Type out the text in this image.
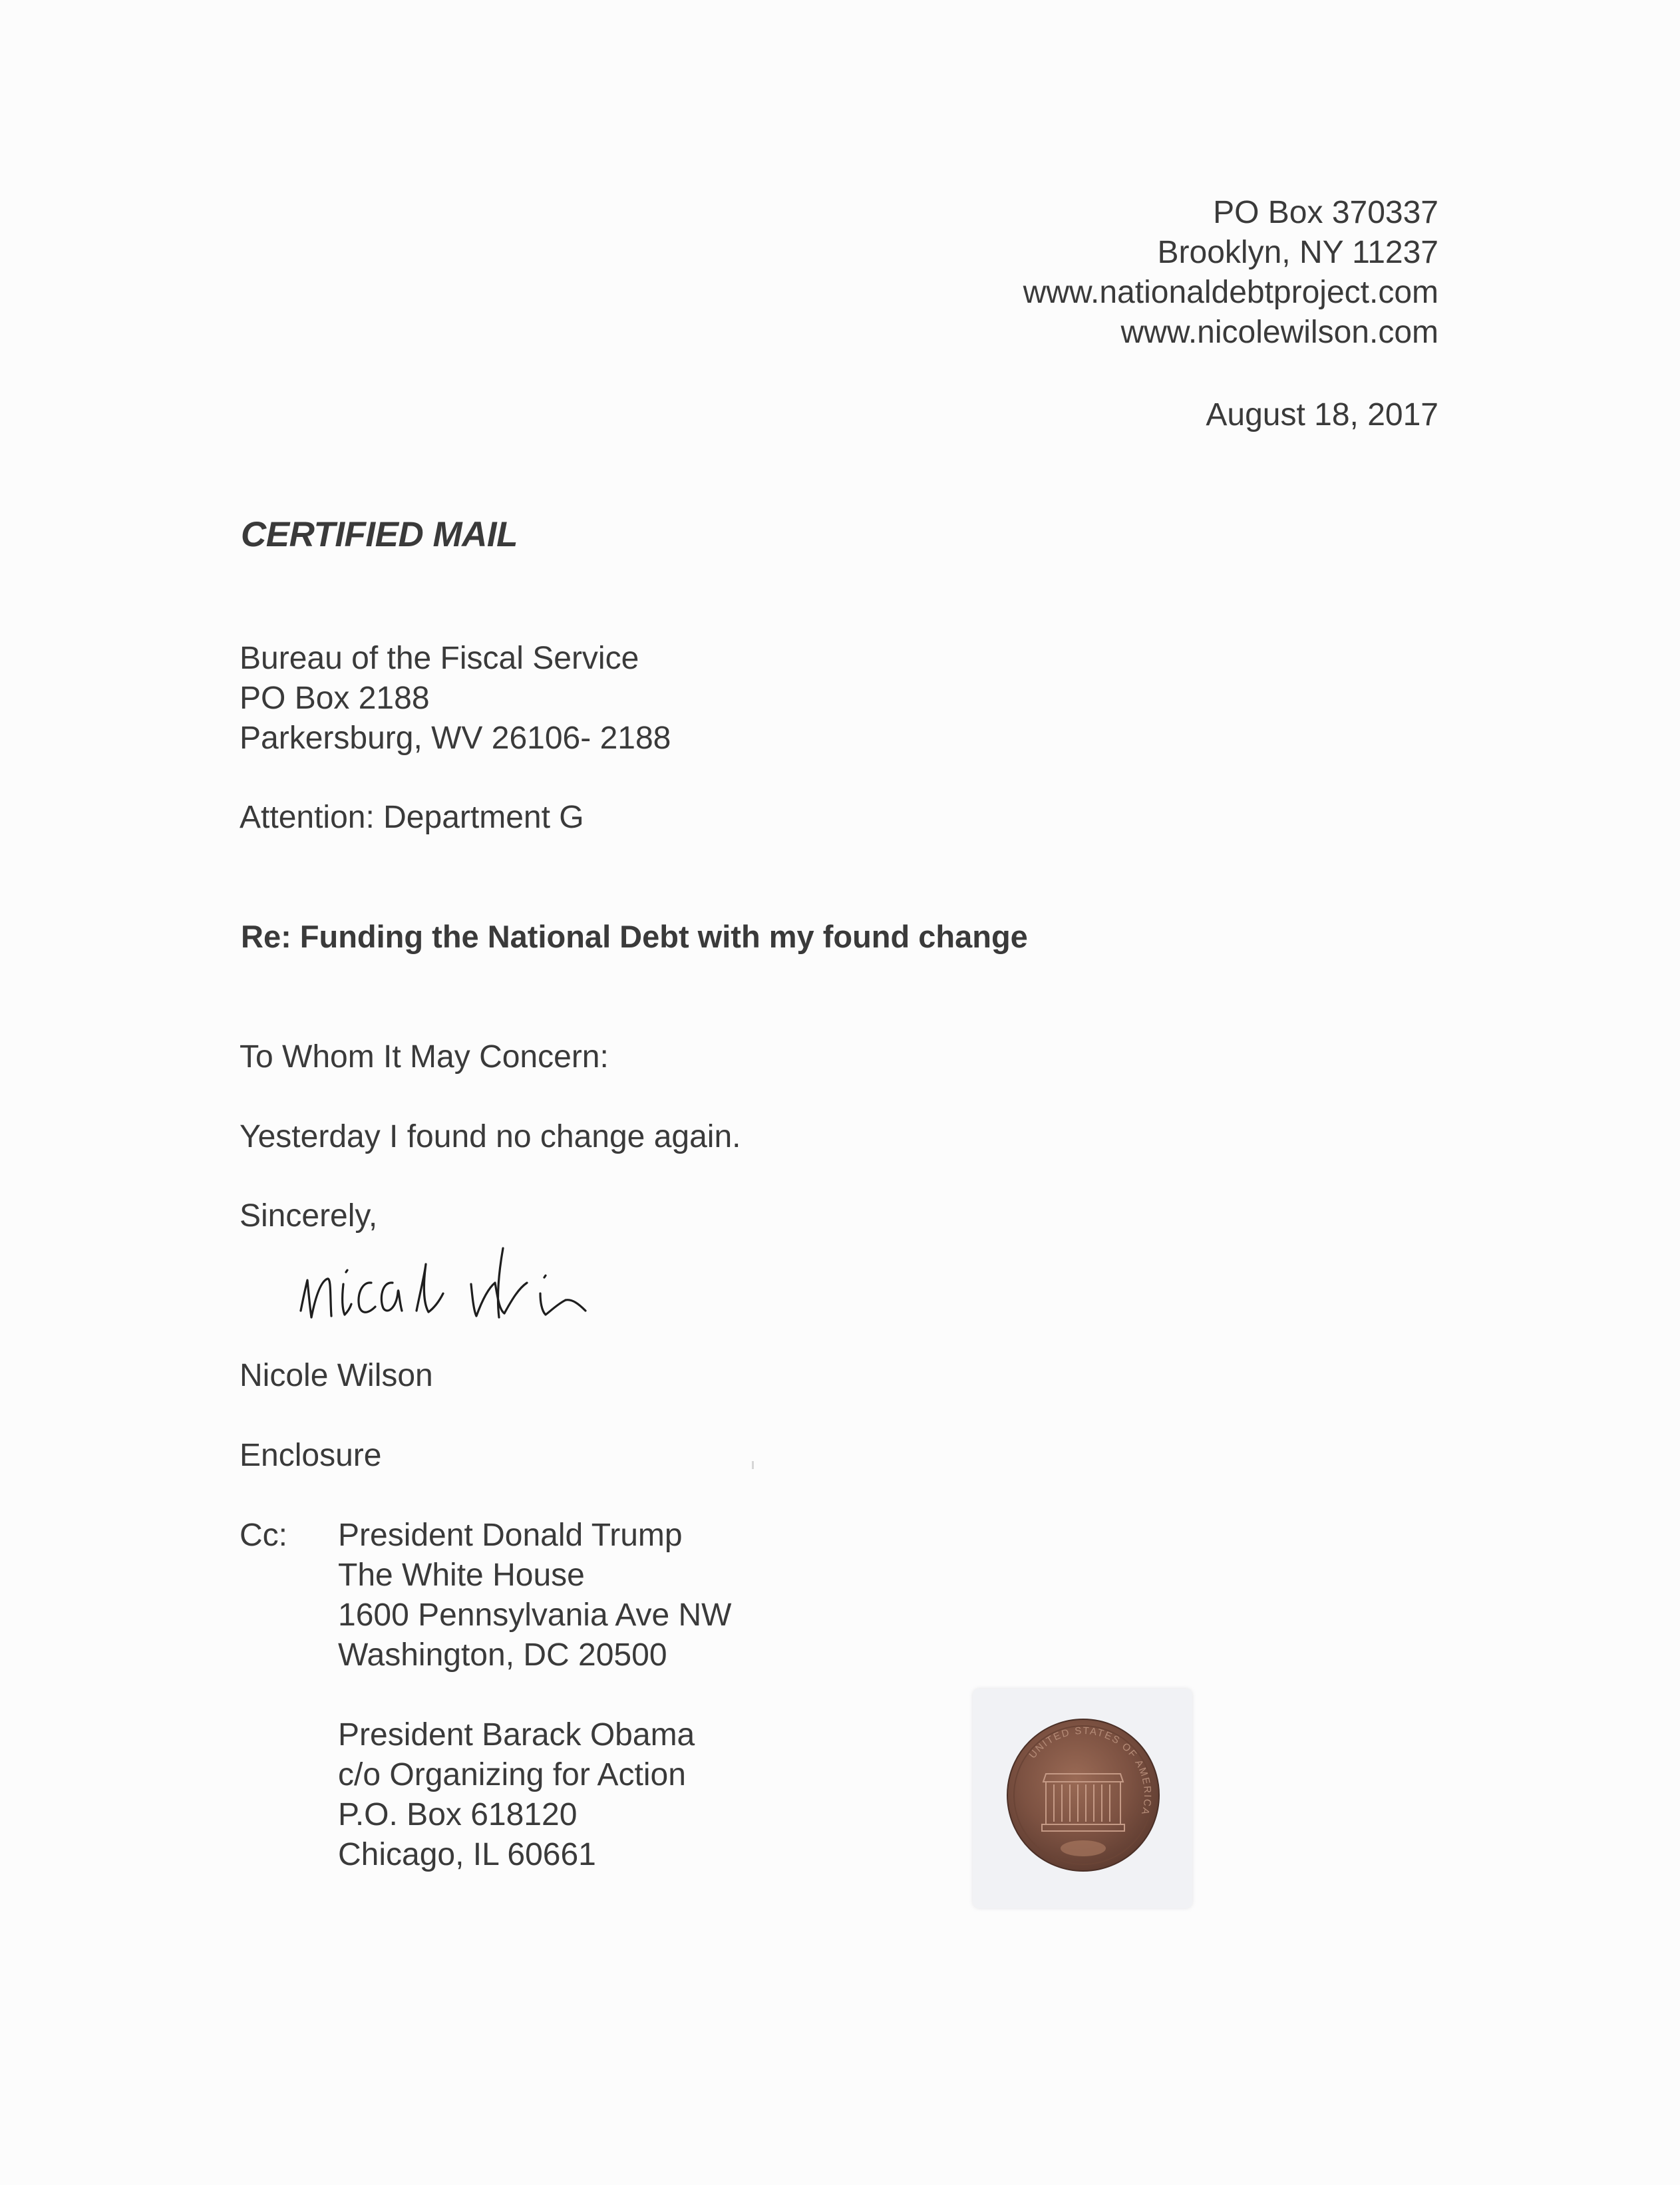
PO Box 370337
Brooklyn, NY 11237
www.nationaldebtproject.com
www.nicolewilson.com
August 18, 2017
CERTIFIED MAIL
Bureau of the Fiscal Service
PO Box 2188
Parkersburg, WV 26106- 2188
Attention: Department G
Re: Funding the National Debt with my found change
To Whom It May Concern:
Yesterday I found no change again.
Sincerely,
Nicole Wilson
Enclosure
Cc: President Donald Trump
The White House
1600 Pennsylvania Ave NW
Washington, DC 20500
President Barack Obama
c/o Organizing for Action
P.O. Box 618120
Chicago, IL 60661
UNITED STATES OF AMERICA
